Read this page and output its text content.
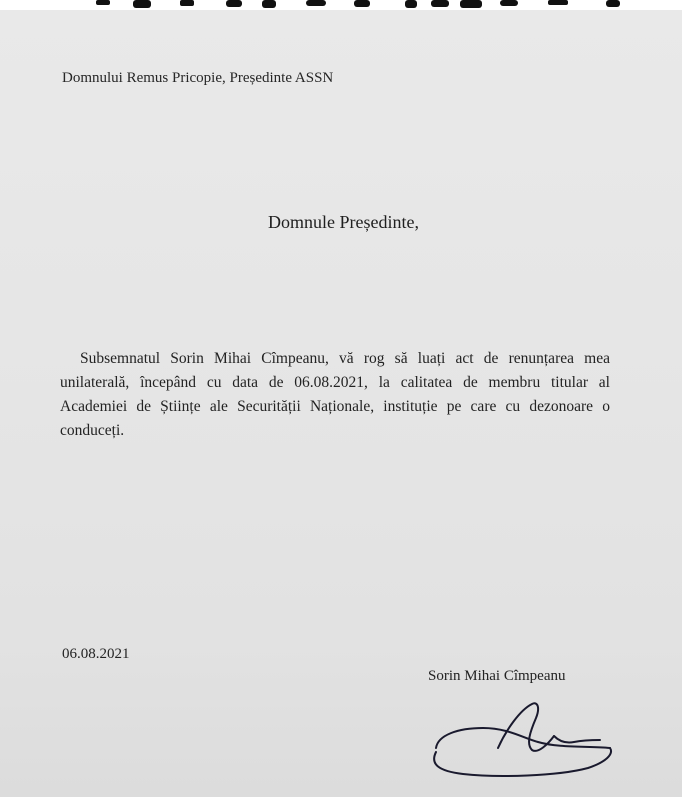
Domnului Remus Pricopie, Președinte ASSN
Domnule Președinte,
Subsemnatul Sorin Mihai Cîmpeanu, vă rog să luați act de renunțarea mea
unilaterală, începând cu data de 06.08.2021, la calitatea de membru titular al
Academiei de Științe ale Securității Naționale, instituție pe care cu dezonoare o
conduceți.
06.08.2021
Sorin Mihai Cîmpeanu
